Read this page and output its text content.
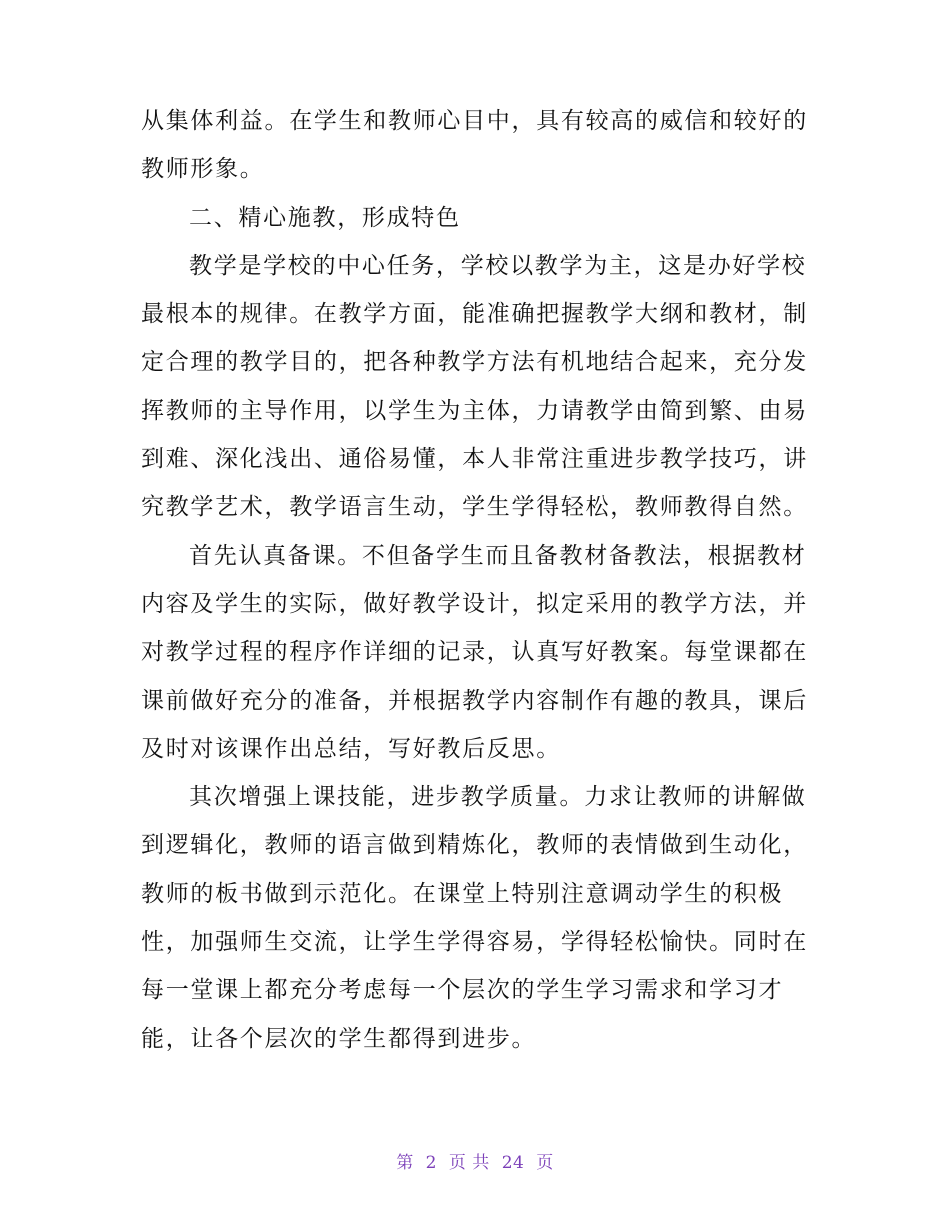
从集体利益。在学生和教师心目中，具有较高的威信和较好的
教师形象。
二、精心施教，形成特色
教学是学校的中心任务，学校以教学为主，这是办好学校
最根本的规律。在教学方面，能准确把握教学大纲和教材，制
定合理的教学目的，把各种教学方法有机地结合起来，充分发
挥教师的主导作用，以学生为主体，力请教学由简到繁、由易
到难、深化浅出、通俗易懂，本人非常注重进步教学技巧，讲
究教学艺术，教学语言生动，学生学得轻松，教师教得自然。
首先认真备课。不但备学生而且备教材备教法，根据教材
内容及学生的实际，做好教学设计，拟定采用的教学方法，并
对教学过程的程序作详细的记录，认真写好教案。每堂课都在
课前做好充分的准备，并根据教学内容制作有趣的教具，课后
及时对该课作出总结，写好教后反思。
其次增强上课技能，进步教学质量。力求让教师的讲解做
到逻辑化，教师的语言做到精炼化，教师的表情做到生动化，
教师的板书做到示范化。在课堂上特别注意调动学生的积极
性，加强师生交流，让学生学得容易，学得轻松愉快。同时在
每一堂课上都充分考虑每一个层次的学生学习需求和学习才
能，让各个层次的学生都得到进步。
第 2 页 共 24 页
